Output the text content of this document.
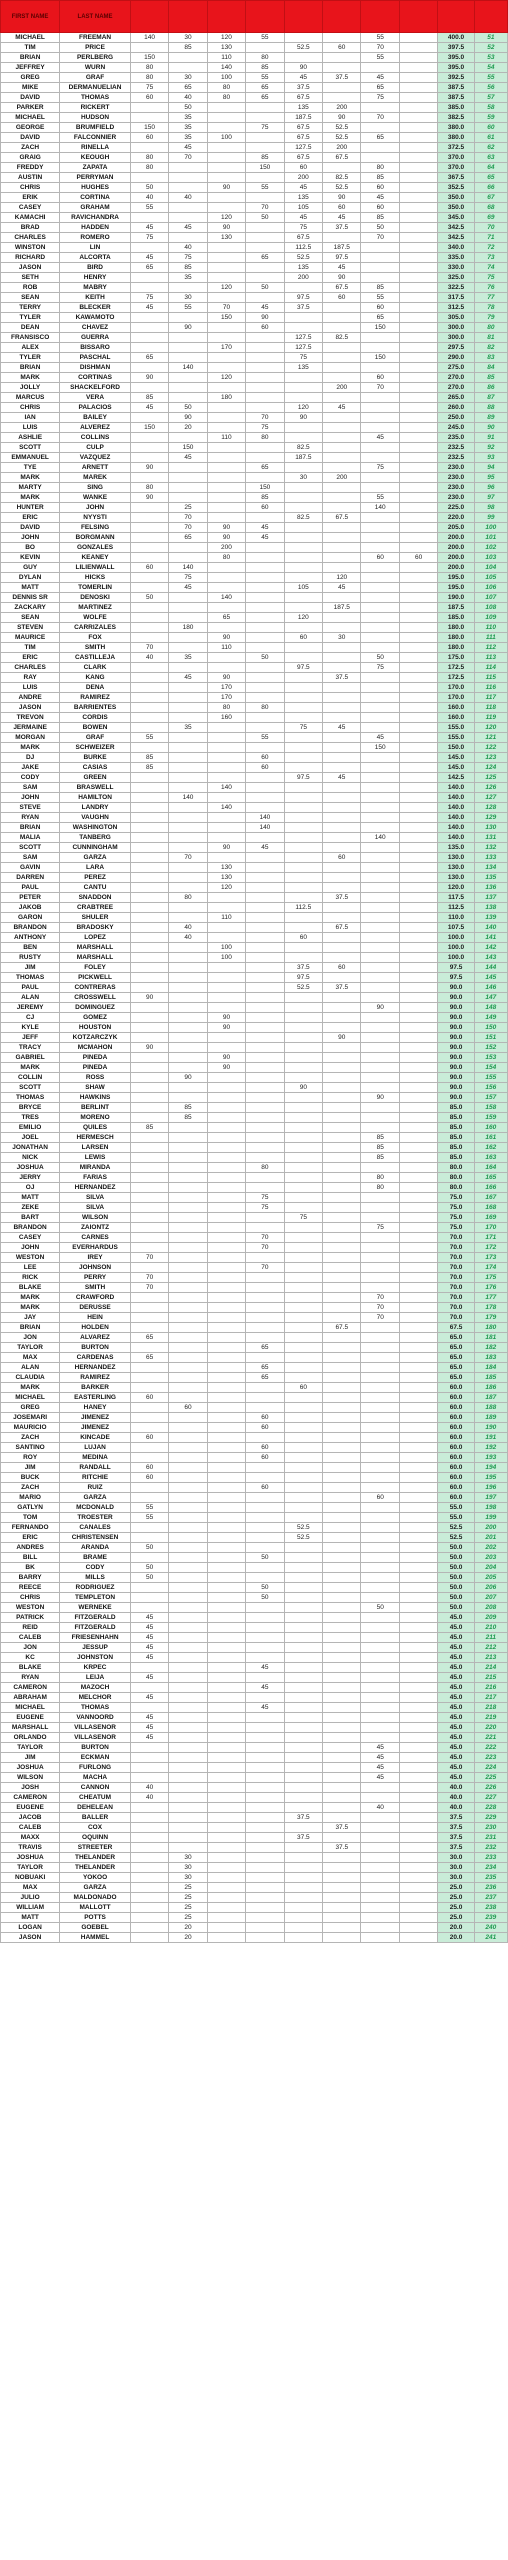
FIRST NAME	LAST NAME										
MICHAEL	FREEMAN	140	30	120	55			55		400.0	51
TIM	PRICE		85	130		52.5	60	70		397.5	52
BRIAN	PERLBERG	150		110	80			55		395.0	53
JEFFREY	WURN	80		140	85	90				395.0	54
GREG	GRAF	80	30	100	55	45	37.5	45		392.5	55
MIKE	DERMANUELIAN	75	65	80	65	37.5		65		387.5	56
DAVID	THOMAS	60	40	80	65	67.5		75		387.5	57
PARKER	RICKERT		50			135	200			385.0	58
MICHAEL	HUDSON		35			187.5	90	70		382.5	59
GEORGE	BRUMFIELD	150	35		75	67.5	52.5			380.0	60
DAVID	FALCONNIER	60	35	100		67.5	52.5	65		380.0	61
ZACH	RINELLA		45			127.5	200			372.5	62
GRAIG	KEOUGH	80	70		85	67.5	67.5			370.0	63
FREDDY	ZAPATA	80			150	60		80		370.0	64
AUSTIN	PERRYMAN					200	82.5	85		367.5	65
CHRIS	HUGHES	50		90	55	45	52.5	60		352.5	66
ERIK	CORTINA	40	40			135	90	45		350.0	67
CASEY	GRAHAM	55			70	105	60	60		350.0	68
KAMACHI	RAVICHANDRA			120	50	45	45	85		345.0	69
BRAD	HADDEN	45	45	90		75	37.5	50		342.5	70
CHARLES	ROMERO	75		130		67.5		70		342.5	71
WINSTON	LIN		40			112.5	187.5			340.0	72
RICHARD	ALCORTA	45	75		65	52.5	97.5			335.0	73
JASON	BIRD	65	85			135	45			330.0	74
SETH	HENRY		35			200	90			325.0	75
ROB	MABRY			120	50		67.5	85		322.5	76
SEAN	KEITH	75	30			97.5	60	55		317.5	77
TERRY	BLECKER	45	55	70	45	37.5		60		312.5	78
TYLER	KAWAMOTO			150	90			65		305.0	79
DEAN	CHAVEZ		90		60			150		300.0	80
FRANSISCO	GUERRA					127.5	82.5			300.0	81
ALEX	BISSARO			170		127.5				297.5	82
TYLER	PASCHAL	65				75		150		290.0	83
BRIAN	DISHMAN		140			135				275.0	84
MARK	CORTINAS	90		120				60		270.0	85
JOLLY	SHACKELFORD						200	70		270.0	86
MARCUS	VERA	85		180						265.0	87
CHRIS	PALACIOS	45	50			120	45			260.0	88
IAN	BAILEY		90		70	90				250.0	89
LUIS	ALVEREZ	150	20		75					245.0	90
ASHLIE	COLLINS			110	80			45		235.0	91
SCOTT	CULP		150			82.5				232.5	92
EMMANUEL	VAZQUEZ		45			187.5				232.5	93
TYE	ARNETT	90			65			75		230.0	94
MARK	MAREK					30	200			230.0	95
MARTY	SING	80			150					230.0	96
MARK	WANKE	90			85			55		230.0	97
HUNTER	JOHN		25		60			140		225.0	98
ERIC	NYYSTI		70			82.5	67.5			220.0	99
DAVID	FELSING		70	90	45					205.0	100
JOHN	BORGMANN		65	90	45					200.0	101
BO	GONZALES			200						200.0	102
KEVIN	KEANEY			80				60	60	200.0	103
GUY	LILIENWALL	60	140							200.0	104
DYLAN	HICKS		75				120			195.0	105
MATT	TOMERLIN		45			105	45			195.0	106
DENNIS SR	DENOSKI	50		140						190.0	107
ZACKARY	MARTINEZ						187.5			187.5	108
SEAN	WOLFE			65		120				185.0	109
STEVEN	CARRIZALES		180							180.0	110
MAURICE	FOX			90		60	30			180.0	111
TIM	SMITH	70		110						180.0	112
ERIC	CASTILLEJA	40	35		50			50		175.0	113
CHARLES	CLARK					97.5		75		172.5	114
RAY	KANG		45	90			37.5			172.5	115
LUIS	DENA			170						170.0	116
ANDRE	RAMIREZ			170						170.0	117
JASON	BARRIENTES			80	80					160.0	118
TREVON	CORDIS			160						160.0	119
JERMAINE	BOWEN		35			75	45			155.0	120
MORGAN	GRAF	55			55			45		155.0	121
MARK	SCHWEIZER							150		150.0	122
DJ	BURKE	85			60					145.0	123
JAKE	CASIAS	85			60					145.0	124
CODY	GREEN					97.5	45			142.5	125
SAM	BRASWELL			140						140.0	126
JOHN	HAMILTON		140							140.0	127
STEVE	LANDRY			140						140.0	128
RYAN	VAUGHN				140					140.0	129
BRIAN	WASHINGTON				140					140.0	130
MALIA	TANBERG							140		140.0	131
SCOTT	CUNNINGHAM			90	45					135.0	132
SAM	GARZA		70				60			130.0	133
GAVIN	LARA			130						130.0	134
DARREN	PEREZ			130						130.0	135
PAUL	CANTU			120						120.0	136
PETER	SNADDON		80				37.5			117.5	137
JAKOB	CRABTREE					112.5				112.5	138
GARON	SHULER			110						110.0	139
BRANDON	BRADOSKY		40				67.5			107.5	140
ANTHONY	LOPEZ		40			60				100.0	141
BEN	MARSHALL			100						100.0	142
RUSTY	MARSHALL			100						100.0	143
JIM	FOLEY					37.5	60			97.5	144
THOMAS	PICKWELL					97.5				97.5	145
PAUL	CONTRERAS					52.5	37.5			90.0	146
ALAN	CROSSWELL	90								90.0	147
JEREMY	DOMINGUEZ							90		90.0	148
CJ	GOMEZ			90						90.0	149
KYLE	HOUSTON			90						90.0	150
JEFF	KOTZARCZYK						90			90.0	151
TRACY	MCMAHON	90								90.0	152
GABRIEL	PINEDA			90						90.0	153
MARK	PINEDA			90						90.0	154
COLLIN	ROSS		90							90.0	155
SCOTT	SHAW					90				90.0	156
THOMAS	HAWKINS							90		90.0	157
BRYCE	BERLINT		85							85.0	158
TRES	MORENO		85							85.0	159
EMILIO	QUILES	85								85.0	160
JOEL	HERMESCH							85		85.0	161
JONATHAN	LARSEN							85		85.0	162
NICK	LEWIS							85		85.0	163
JOSHUA	MIRANDA				80					80.0	164
JERRY	FARIAS							80		80.0	165
OJ	HERNANDEZ							80		80.0	166
MATT	SILVA				75					75.0	167
ZEKE	SILVA				75					75.0	168
BART	WILSON					75				75.0	169
BRANDON	ZAIONTZ							75		75.0	170
CASEY	CARNES				70					70.0	171
JOHN	EVERHARDUS				70					70.0	172
WESTON	IREY	70								70.0	173
LEE	JOHNSON				70					70.0	174
RICK	PERRY	70								70.0	175
BLAKE	SMITH	70								70.0	176
MARK	CRAWFORD							70		70.0	177
MARK	DERUSSE							70		70.0	178
JAY	HEIN							70		70.0	179
BRIAN	HOLDEN						67.5			67.5	180
JON	ALVAREZ	65								65.0	181
TAYLOR	BURTON				65					65.0	182
MAX	CARDENAS	65								65.0	183
ALAN	HERNANDEZ				65					65.0	184
CLAUDIA	RAMIREZ				65					65.0	185
MARK	BARKER					60				60.0	186
MICHAEL	EASTERLING	60								60.0	187
GREG	HANEY		60							60.0	188
JOSEMARI	JIMENEZ				60					60.0	189
MAURICIO	JIMENEZ				60					60.0	190
ZACH	KINCADE	60								60.0	191
SANTINO	LUJAN				60					60.0	192
ROY	MEDINA				60					60.0	193
JIM	RANDALL	60								60.0	194
BUCK	RITCHIE	60								60.0	195
ZACH	RUIZ				60					60.0	196
MARIO	GARZA							60		60.0	197
GATLYN	MCDONALD	55								55.0	198
TOM	TROESTER	55								55.0	199
FERNANDO	CANALES					52.5				52.5	200
ERIC	CHRISTENSEN					52.5				52.5	201
ANDRES	ARANDA	50								50.0	202
BILL	BRAME				50					50.0	203
BK	CODY	50								50.0	204
BARRY	MILLS	50								50.0	205
REECE	RODRIGUEZ				50					50.0	206
CHRIS	TEMPLETON				50					50.0	207
WESTON	WERNEKE							50		50.0	208
PATRICK	FITZGERALD	45								45.0	209
REID	FITZGERALD	45								45.0	210
CALEB	FRIESENHAHN	45								45.0	211
JON	JESSUP	45								45.0	212
KC	JOHNSTON	45								45.0	213
BLAKE	KRPEC				45					45.0	214
RYAN	LEIJA	45								45.0	215
CAMERON	MAZOCH				45					45.0	216
ABRAHAM	MELCHOR	45								45.0	217
MICHAEL	THOMAS				45					45.0	218
EUGENE	VANNOORD	45								45.0	219
MARSHALL	VILLASENOR	45								45.0	220
ORLANDO	VILLASENOR	45								45.0	221
TAYLOR	BURTON							45		45.0	222
JIM	ECKMAN							45		45.0	223
JOSHUA	FURLONG							45		45.0	224
WILSON	MACHA							45		45.0	225
JOSH	CANNON	40								40.0	226
CAMERON	CHEATUM	40								40.0	227
EUGENE	DEHELEAN							40		40.0	228
JACOB	BALLER					37.5				37.5	229
CALEB	COX						37.5			37.5	230
MAXX	OQUINN					37.5				37.5	231
TRAVIS	STREETER						37.5			37.5	232
JOSHUA	THELANDER		30							30.0	233
TAYLOR	THELANDER		30							30.0	234
NOBUAKI	YOKOO		30							30.0	235
MAX	GARZA		25							25.0	236
JULIO	MALDONADO		25							25.0	237
WILLIAM	MALLOTT		25							25.0	238
MATT	POTTS		25							25.0	239
LOGAN	GOEBEL		20							20.0	240
JASON	HAMMEL		20							20.0	241
